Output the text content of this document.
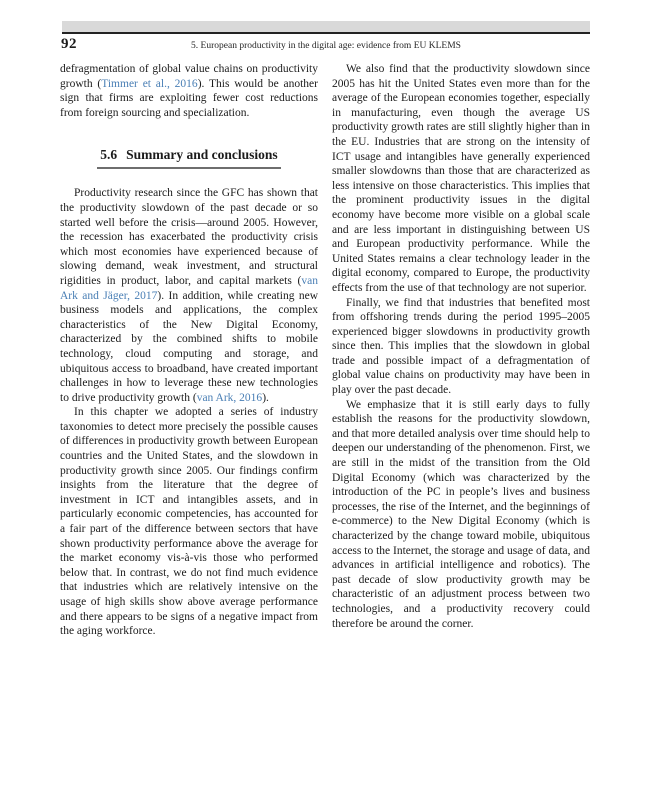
92	5. European productivity in the digital age: evidence from EU KLEMS

defragmentation of global value chains on productivity growth (Timmer et al., 2016). This would be another sign that firms are exploiting fewer cost reductions from foreign sourcing and specialization.

5.6 Summary and conclusions

Productivity research since the GFC has shown that the productivity slowdown of the past decade or so started well before the crisis—around 2005. However, the recession has exacerbated the productivity crisis which most economies have experienced because of slowing demand, weak investment, and structural rigidities in product, labor, and capital markets (van Ark and Jäger, 2017). In addition, while creating new business models and applications, the complex characteristics of the New Digital Economy, characterized by the combined shifts to mobile technology, cloud computing and storage, and ubiquitous access to broadband, have created important challenges in how to leverage these new technologies to drive productivity growth (van Ark, 2016).

In this chapter we adopted a series of industry taxonomies to detect more precisely the possible causes of differences in productivity growth between European countries and the United States, and the slowdown in productivity growth since 2005. Our findings confirm insights from the literature that the degree of investment in ICT and intangibles assets, and in particularly economic competencies, has accounted for a fair part of the difference between sectors that have shown productivity performance above the average for the market economy vis-à-vis those who performed below that. In contrast, we do not find much evidence that industries which are relatively intensive on the usage of high skills show above average performance and there appears to be signs of a negative impact from the aging workforce.

We also find that the productivity slowdown since 2005 has hit the United States even more than for the average of the European economies together, especially in manufacturing, even though the average US productivity growth rates are still slightly higher than in the EU. Industries that are strong on the intensity of ICT usage and intangibles have generally experienced smaller slowdowns than those that are characterized as less intensive on those characteristics. This implies that the prominent productivity issues in the digital economy have become more visible on a global scale and are less important in distinguishing between US and European productivity performance. While the United States remains a clear technology leader in the digital economy, compared to Europe, the productivity effects from the use of that technology are not superior.

Finally, we find that industries that benefited most from offshoring trends during the period 1995–2005 experienced bigger slowdowns in productivity growth since then. This implies that the slowdown in global trade and possible impact of a defragmentation of global value chains on productivity may have been in play over the past decade.

We emphasize that it is still early days to fully establish the reasons for the productivity slowdown, and that more detailed analysis over time should help to deepen our understanding of the phenomenon. First, we are still in the midst of the transition from the Old Digital Economy (which was characterized by the introduction of the PC in people’s lives and business processes, the rise of the Internet, and the beginnings of e-commerce) to the New Digital Economy (which is characterized by the change toward mobile, ubiquitous access to the Internet, the storage and usage of data, and advances in artificial intelligence and robotics). The past decade of slow productivity growth may be characteristic of an adjustment process between two technologies, and a productivity recovery could therefore be around the corner.
